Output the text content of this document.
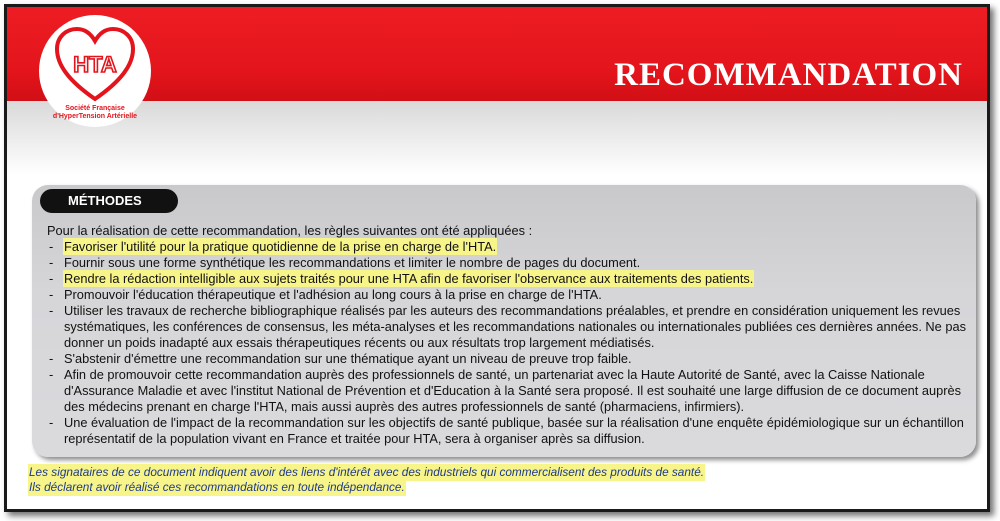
HTA
Société Française
d'HyperTension Artérielle
RECOMMANDATION
MÉTHODES

Pour la réalisation de cette recommandation, les règles suivantes ont été appliquées :

- Favoriser l'utilité pour la pratique quotidienne de la prise en charge de l'HTA.
- Fournir sous une forme synthétique les recommandations et limiter le nombre de pages du document.
- Rendre la rédaction intelligible aux sujets traités pour une HTA afin de favoriser l'observance aux traitements des patients.
- Promouvoir l'éducation thérapeutique et l'adhésion au long cours à la prise en charge de l'HTA.
- Utiliser les travaux de recherche bibliographique réalisés par les auteurs des recommandations préalables, et prendre en considération uniquement les revues systématiques, les conférences de consensus, les méta-analyses et les recommandations nationales ou internationales publiées ces dernières années. Ne pas donner un poids inadapté aux essais thérapeutiques récents ou aux résultats trop largement médiatisés.
- S'abstenir d'émettre une recommandation sur une thématique ayant un niveau de preuve trop faible.
- Afin de promouvoir cette recommandation auprès des professionnels de santé, un partenariat avec la Haute Autorité de Santé, avec la Caisse Nationale d'Assurance Maladie et avec l'institut National de Prévention et d'Education à la Santé sera proposé. Il est souhaité une large diffusion de ce document auprès des médecins prenant en charge l'HTA, mais aussi auprès des autres professionnels de santé (pharmaciens, infirmiers).
- Une évaluation de l'impact de la recommandation sur les objectifs de santé publique, basée sur la réalisation d'une enquête épidémiologique sur un échantillon représentatif de la population vivant en France et traitée pour HTA, sera à organiser après sa diffusion.
Les signataires de ce document indiquent avoir des liens d'intérêt avec des industriels qui commercialisent des produits de santé.
Ils déclarent avoir réalisé ces recommandations en toute indépendance.
